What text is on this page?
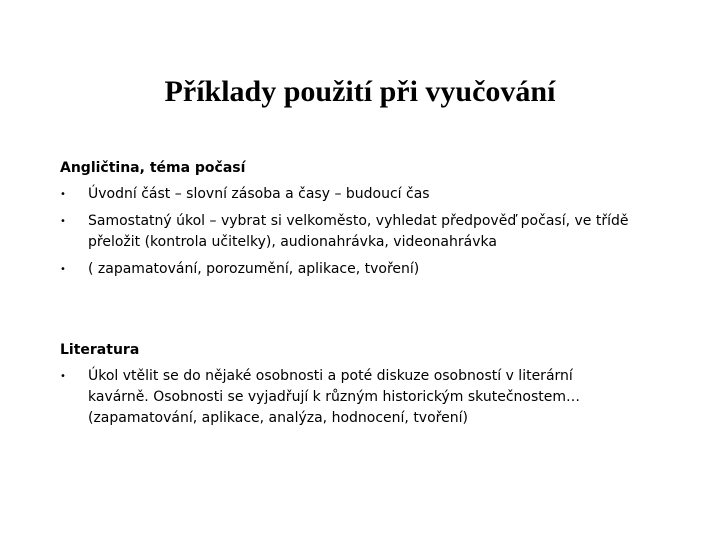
Příklady použití při vyučování

Angličtina, téma počasí

•	Úvodní část – slovní zásoba a časy – budoucí čas
•	Samostatný úkol – vybrat si velkoměsto, vyhledat předpověď počasí, ve třídě přeložit (kontrola učitelky), audionahrávka, videonahrávka
•	( zapamatování, porozumění, aplikace, tvoření)

Literatura

•	Úkol vtělit se do nějaké osobnosti a poté diskuze osobností v literární kavárně. Osobnosti se vyjadřují k různým historickým skutečnostem… (zapamatování, aplikace, analýza, hodnocení, tvoření)
